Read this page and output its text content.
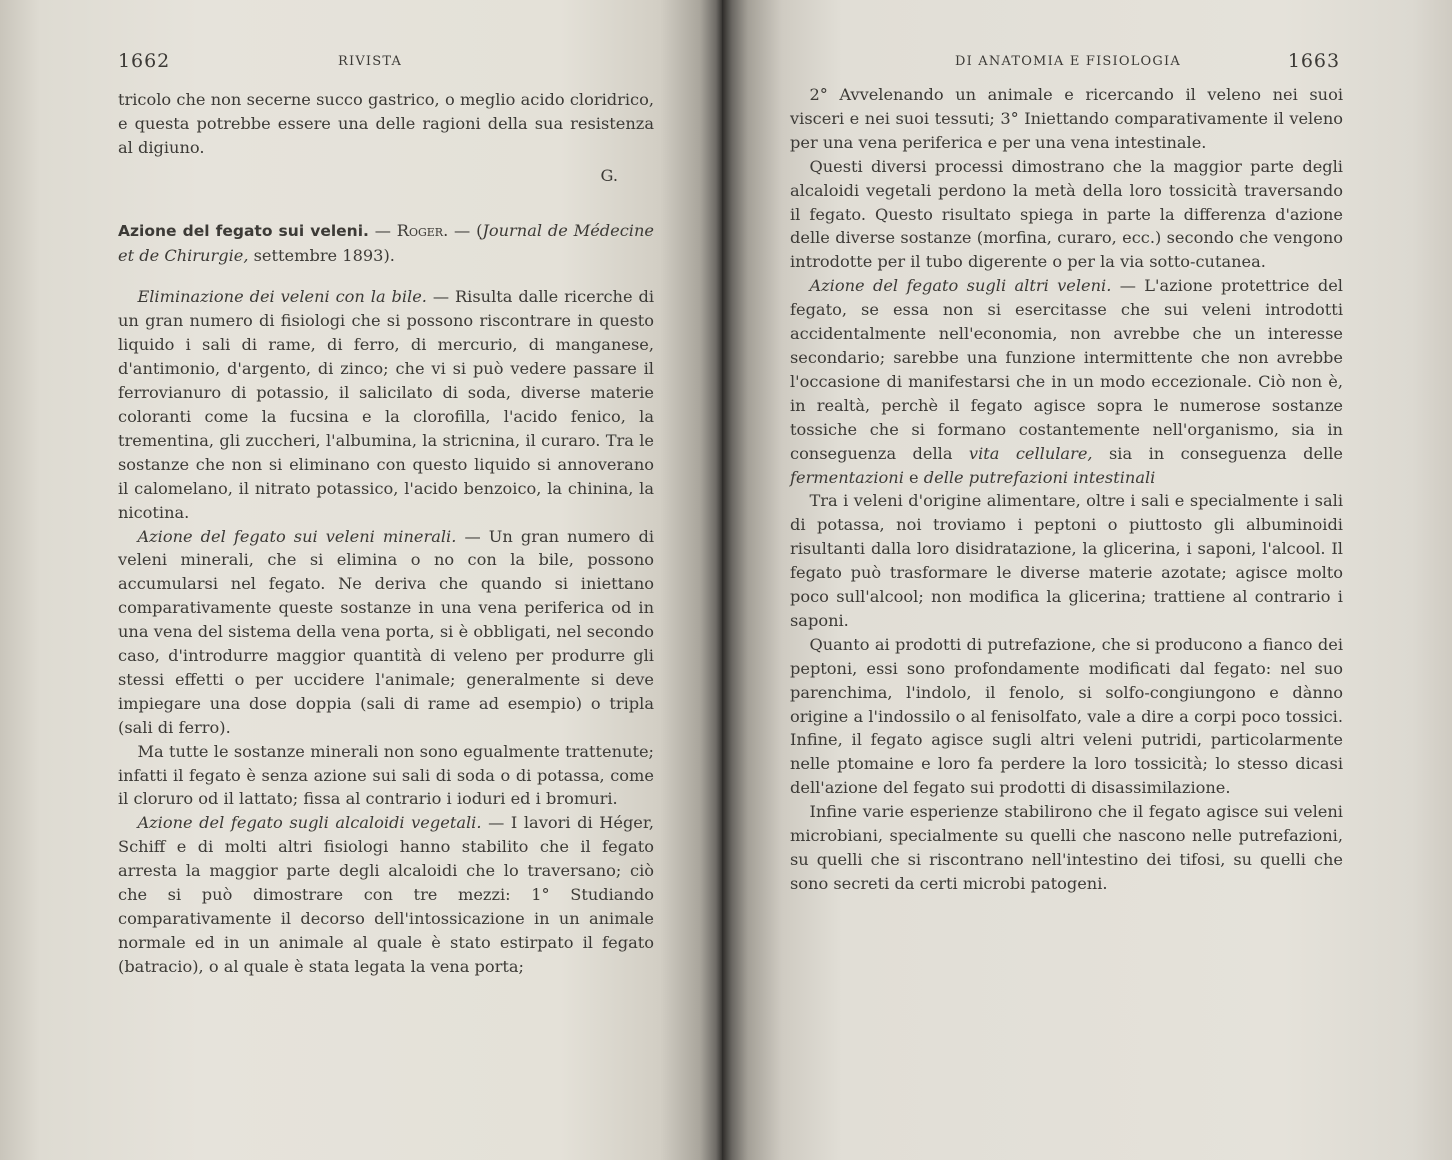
1662	RIVISTA

tricolo che non secerne succo gastrico, o meglio acido cloridrico, e questa potrebbe essere una delle ragioni della sua resistenza al digiuno.

G.

Azione del fegato sui veleni. — Roger. — (Journal de Médecine et de Chirurgie, settembre 1893).

Eliminazione dei veleni con la bile. — Risulta dalle ricerche di un gran numero di fisiologi che si possono riscontrare in questo liquido i sali di rame, di ferro, di mercurio, di manganese, d'antimonio, d'argento, di zinco; che vi si può vedere passare il ferrovianuro di potassio, il salicilato di soda, diverse materie coloranti come la fucsina e la clorofilla, l'acido fenico, la trementina, gli zuccheri, l'albumina, la stricnina, il curaro. Tra le sostanze che non si eliminano con questo liquido si annoverano il calomelano, il nitrato potassico, l'acido benzoico, la chinina, la nicotina.

Azione del fegato sui veleni minerali. — Un gran numero di veleni minerali, che si elimina o no con la bile, possono accumularsi nel fegato. Ne deriva che quando si iniettano comparativamente queste sostanze in una vena periferica od in una vena del sistema della vena porta, si è obbligati, nel secondo caso, d'introdurre maggior quantità di veleno per produrre gli stessi effetti o per uccidere l'animale; generalmente si deve impiegare una dose doppia (sali di rame ad esempio) o tripla (sali di ferro).

Ma tutte le sostanze minerali non sono egualmente trattenute; infatti il fegato è senza azione sui sali di soda o di potassa, come il cloruro od il lattato; fissa al contrario i ioduri ed i bromuri.

Azione del fegato sugli alcaloidi vegetali. — I lavori di Héger, Schiff e di molti altri fisiologi hanno stabilito che il fegato arresta la maggior parte degli alcaloidi che lo traversano; ciò che si può dimostrare con tre mezzi: 1° Studiando comparativamente il decorso dell'intossicazione in un animale normale ed in un animale al quale è stato estirpato il fegato (batracio), o al quale è stata legata la vena porta;

DI ANATOMIA E FISIOLOGIA	1663

2° Avvelenando un animale e ricercando il veleno nei suoi visceri e nei suoi tessuti; 3° Iniettando comparativamente il veleno per una vena periferica e per una vena intestinale.

Questi diversi processi dimostrano che la maggior parte degli alcaloidi vegetali perdono la metà della loro tossicità traversando il fegato. Questo risultato spiega in parte la differenza d'azione delle diverse sostanze (morfina, curaro, ecc.) secondo che vengono introdotte per il tubo digerente o per la via sotto-cutanea.

Azione del fegato sugli altri veleni. — L'azione protettrice del fegato, se essa non si esercitasse che sui veleni introdotti accidentalmente nell'economia, non avrebbe che un interesse secondario; sarebbe una funzione intermittente che non avrebbe l'occasione di manifestarsi che in un modo eccezionale. Ciò non è, in realtà, perchè il fegato agisce sopra le numerose sostanze tossiche che si formano costantemente nell'organismo, sia in conseguenza della vita cellulare, sia in conseguenza delle fermentazioni e delle putrefazioni intestinali

Tra i veleni d'origine alimentare, oltre i sali e specialmente i sali di potassa, noi troviamo i peptoni o piuttosto gli albuminoidi risultanti dalla loro disidratazione, la glicerina, i saponi, l'alcool. Il fegato può trasformare le diverse materie azotate; agisce molto poco sull'alcool; non modifica la glicerina; trattiene al contrario i saponi.

Quanto ai prodotti di putrefazione, che si producono a fianco dei peptoni, essi sono profondamente modificati dal fegato: nel suo parenchima, l'indolo, il fenolo, si solfo-congiungono e dànno origine a l'indossilo o al fenisolfato, vale a dire a corpi poco tossici. Infine, il fegato agisce sugli altri veleni putridi, particolarmente nelle ptomaine e loro fa perdere la loro tossicità; lo stesso dicasi dell'azione del fegato sui prodotti di disassimilazione.

Infine varie esperienze stabilirono che il fegato agisce sui veleni microbiani, specialmente su quelli che nascono nelle putrefazioni, su quelli che si riscontrano nell'intestino dei tifosi, su quelli che sono secreti da certi microbi patogeni.
